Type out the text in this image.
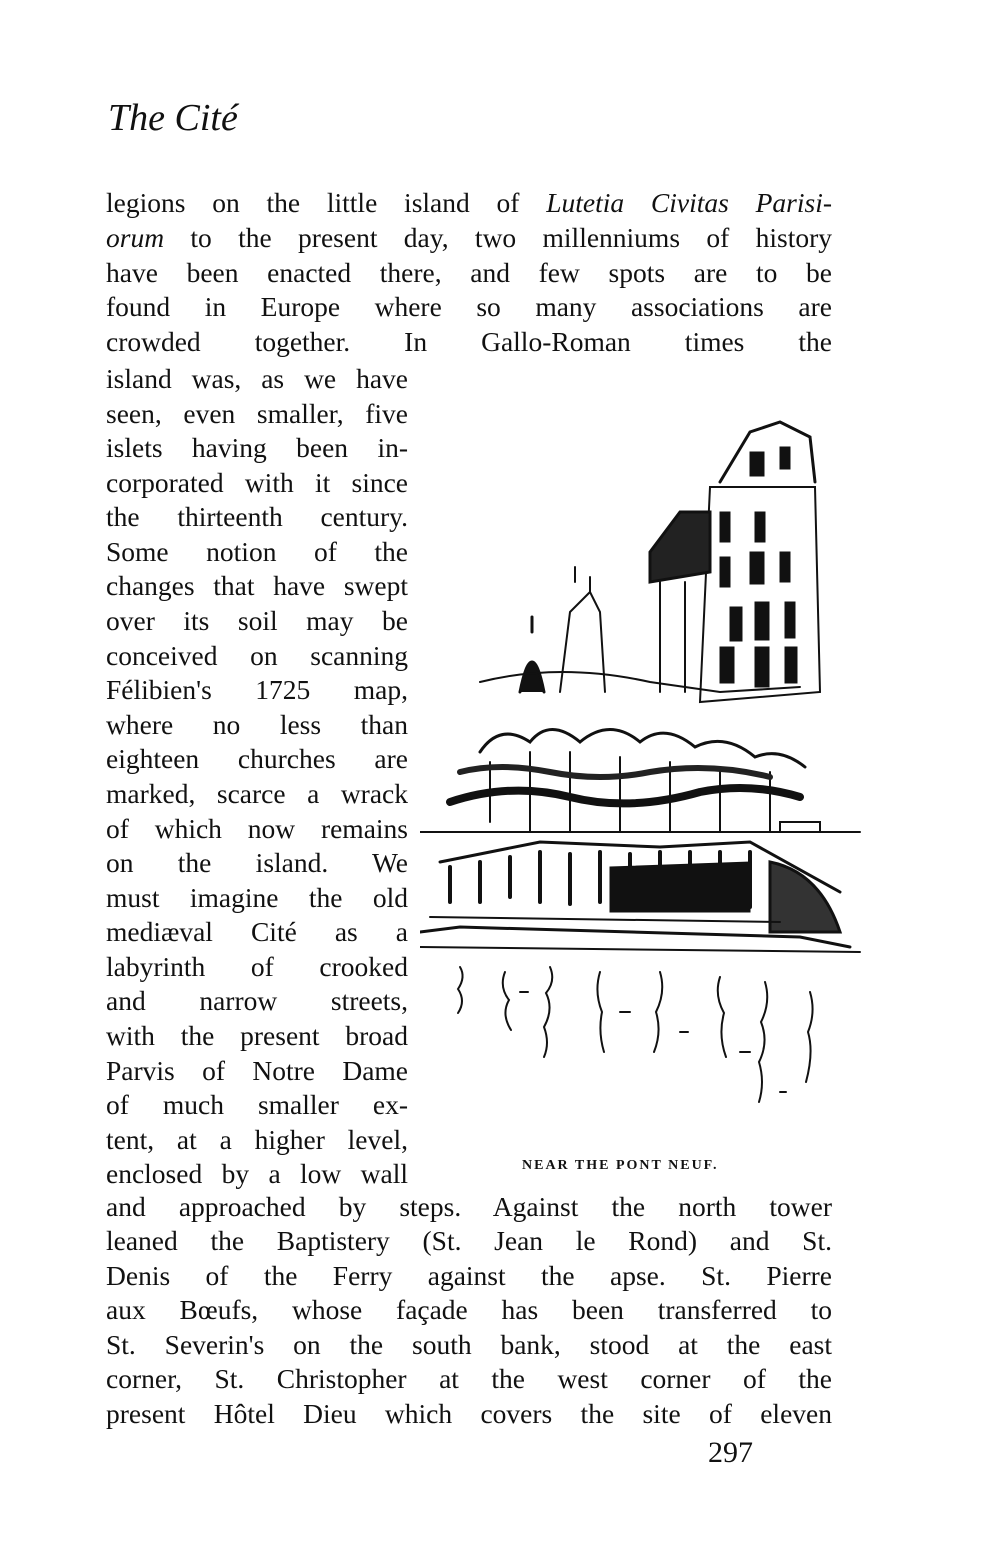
The Cité
legions on the little island of Lutetia Civitas Parisi-
orum to the present day, two millenniums of history
have been enacted there, and few spots are to be
found in Europe where so many associations are
crowded together. In Gallo-Roman times the
island was, as we have
seen, even smaller, five
islets having been in-
corporated with it since
the thirteenth century.
Some notion of the
changes that have swept
over its soil may be
conceived on scanning
Félibien's 1725 map,
where no less than
eighteen churches are
marked, scarce a wrack
of which now remains
on the island. We
must imagine the old
mediæval Cité as a
labyrinth of crooked
and narrow streets,
with the present broad
Parvis of Notre Dame
of much smaller ex-
tent, at a higher level,
enclosed by a low wall
and approached by steps. Against the north tower
leaned the Baptistery (St. Jean le Rond) and St.
Denis of the Ferry against the apse. St. Pierre
aux Bœufs, whose façade has been transferred to
St. Severin's on the south bank, stood at the east
corner, St. Christopher at the west corner of the
present Hôtel Dieu which covers the site of eleven
NEAR THE PONT NEUF.
297
